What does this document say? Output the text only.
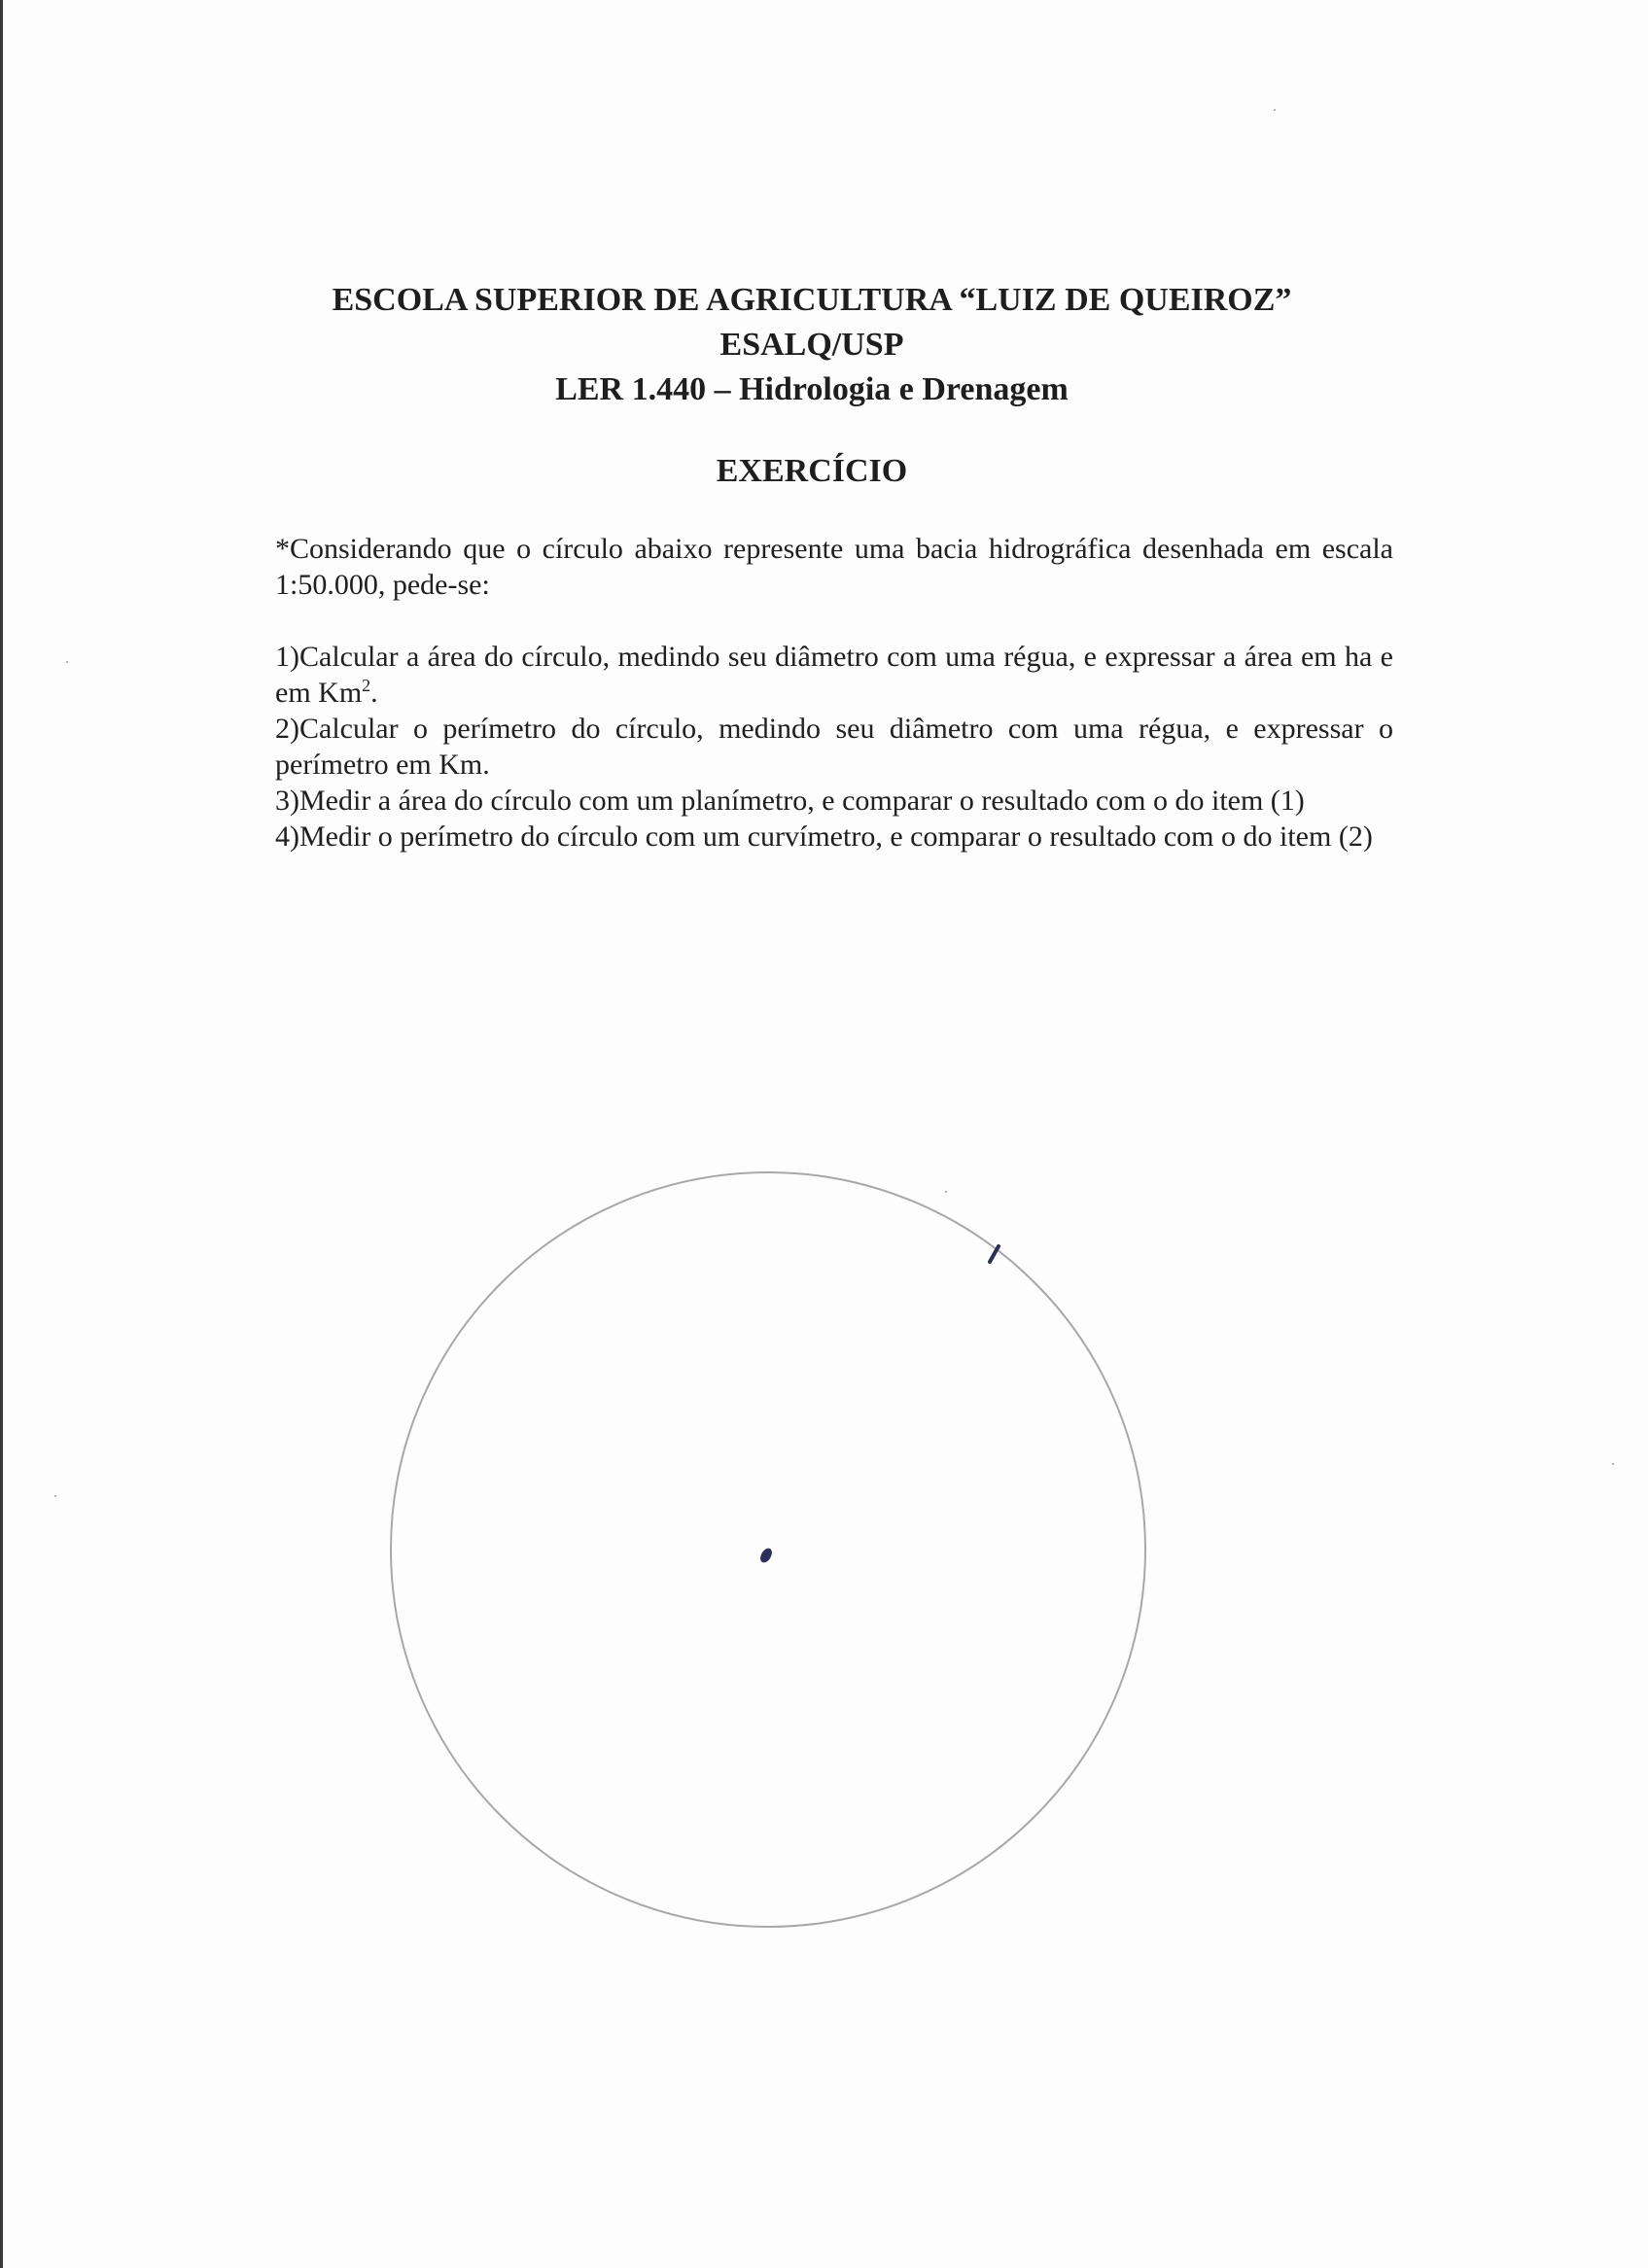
ESCOLA SUPERIOR DE AGRICULTURA “LUIZ DE QUEIROZ”
ESALQ/USP
LER 1.440 – Hidrologia e Drenagem
EXERCÍCIO

*Considerando que o círculo abaixo represente uma bacia hidrográfica desenhada em escala 1:50.000, pede-se:

1)Calcular a área do círculo, medindo seu diâmetro com uma régua, e expressar a área em ha e em Km$^2$.

2)Calcular o perímetro do círculo, medindo seu diâmetro com uma régua, e expressar o perímetro em Km.

3)Medir a área do círculo com um planímetro, e comparar o resultado com o do item (1)

4)Medir o perímetro do círculo com um curvímetro, e comparar o resultado com o do item (2)
